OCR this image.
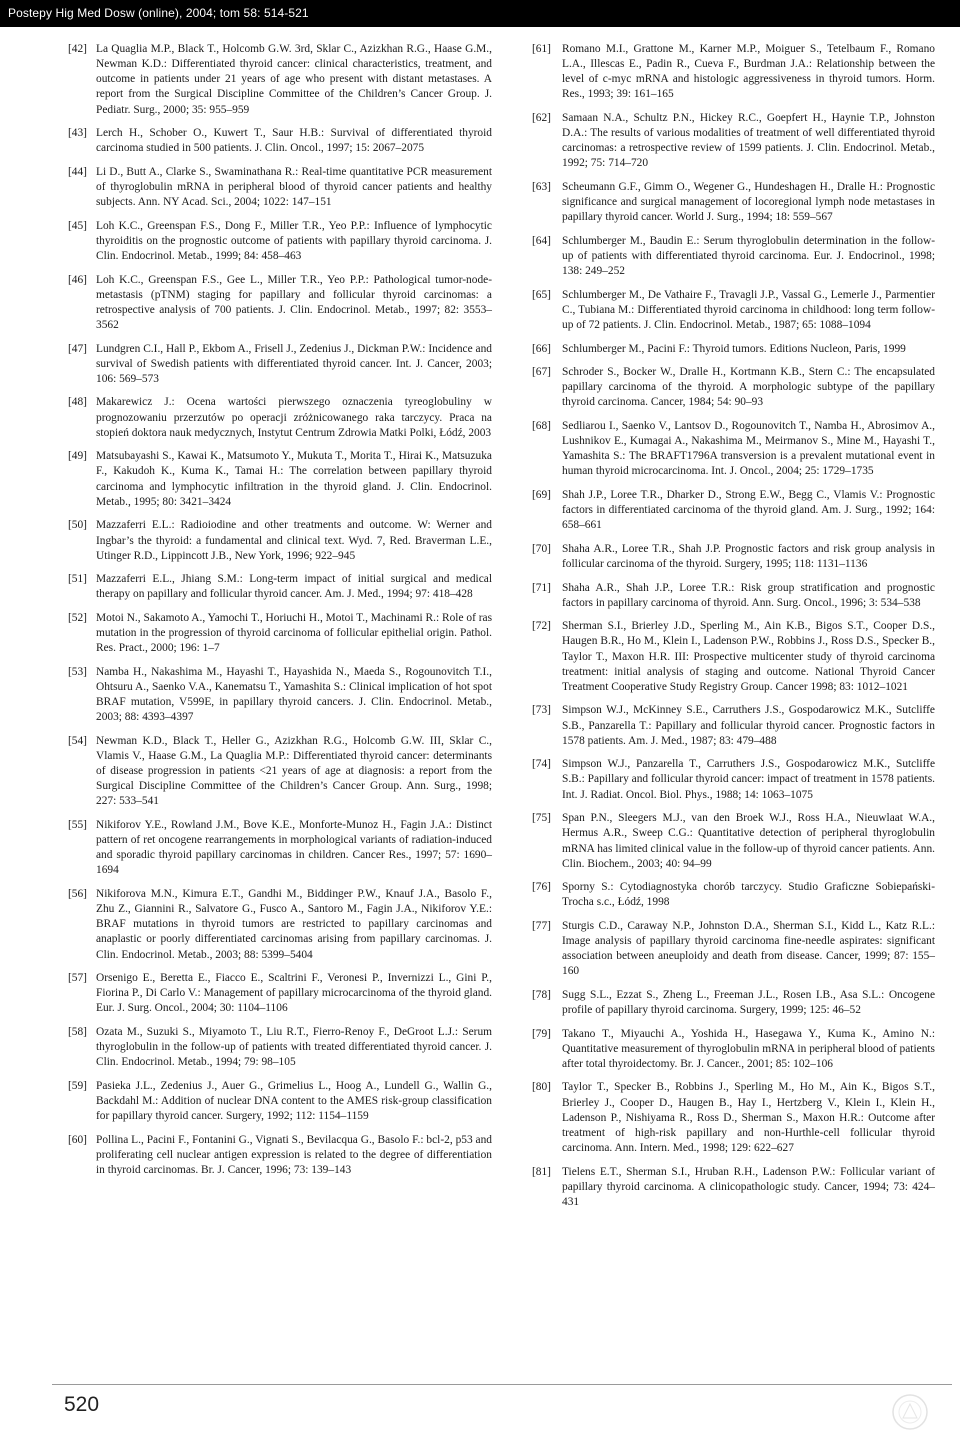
Postepy Hig Med Dosw (online), 2004; tom 58: 514-521
[42] La Quaglia M.P., Black T., Holcomb G.W. 3rd, Sklar C., Azizkhan R.G., Haase G.M., Newman K.D.: Differentiated thyroid cancer: clinical characteristics, treatment, and outcome in patients under 21 years of age who present with distant metastases. A report from the Surgical Discipline Committee of the Children’s Cancer Group. J. Pediatr. Surg., 2000; 35: 955–959
[43] Lerch H., Schober O., Kuwert T., Saur H.B.: Survival of differentiated thyroid carcinoma studied in 500 patients. J. Clin. Oncol., 1997; 15: 2067–2075
[44] Li D., Butt A., Clarke S., Swaminathana R.: Real-time quantitative PCR measurement of thyroglobulin mRNA in peripheral blood of thyroid cancer patients and healthy subjects. Ann. NY Acad. Sci., 2004; 1022: 147–151
[45] Loh K.C., Greenspan F.S., Dong F., Miller T.R., Yeo P.P.: Influence of lymphocytic thyroiditis on the prognostic outcome of patients with papillary thyroid carcinoma. J. Clin. Endocrinol. Metab., 1999; 84: 458–463
[46] Loh K.C., Greenspan F.S., Gee L., Miller T.R., Yeo P.P.: Pathological tumor-node-metastasis (pTNM) staging for papillary and follicular thyroid carcinomas: a retrospective analysis of 700 patients. J. Clin. Endocrinol. Metab., 1997; 82: 3553–3562
[47] Lundgren C.I., Hall P., Ekbom A., Frisell J., Zedenius J., Dickman P.W.: Incidence and survival of Swedish patients with differentiated thyroid cancer. Int. J. Cancer, 2003; 106: 569–573
[48] Makarewicz J.: Ocena wartości pierwszego oznaczenia tyreoglobuliny w prognozowaniu przerzutów po operacji zróżnicowanego raka tarczycy. Praca na stopień doktora nauk medycznych, Instytut Centrum Zdrowia Matki Polki, Łódź, 2003
[49] Matsubayashi S., Kawai K., Matsumoto Y., Mukuta T., Morita T., Hirai K., Matsuzuka F., Kakudoh K., Kuma K., Tamai H.: The correlation between papillary thyroid carcinoma and lymphocytic infiltration in the thyroid gland. J. Clin. Endocrinol. Metab., 1995; 80: 3421–3424
[50] Mazzaferri E.L.: Radioiodine and other treatments and outcome. W: Werner and Ingbar’s the thyroid: a fundamental and clinical text. Wyd. 7, Red. Braverman L.E., Utinger R.D., Lippincott J.B., New York, 1996; 922–945
[51] Mazzaferri E.L., Jhiang S.M.: Long-term impact of initial surgical and medical therapy on papillary and follicular thyroid cancer. Am. J. Med., 1994; 97: 418–428
[52] Motoi N., Sakamoto A., Yamochi T., Horiuchi H., Motoi T., Machinami R.: Role of ras mutation in the progression of thyroid carcinoma of follicular epithelial origin. Pathol. Res. Pract., 2000; 196: 1–7
[53] Namba H., Nakashima M., Hayashi T., Hayashida N., Maeda S., Rogounovitch T.I., Ohtsuru A., Saenko V.A., Kanematsu T., Yamashita S.: Clinical implication of hot spot BRAF mutation, V599E, in papillary thyroid cancers. J. Clin. Endocrinol. Metab., 2003; 88: 4393–4397
[54] Newman K.D., Black T., Heller G., Azizkhan R.G., Holcomb G.W. III, Sklar C., Vlamis V., Haase G.M., La Quaglia M.P.: Differentiated thyroid cancer: determinants of disease progression in patients <21 years of age at diagnosis: a report from the Surgical Discipline Committee of the Children’s Cancer Group. Ann. Surg., 1998; 227: 533–541
[55] Nikiforov Y.E., Rowland J.M., Bove K.E., Monforte-Munoz H., Fagin J.A.: Distinct pattern of ret oncogene rearrangements in morphological variants of radiation-induced and sporadic thyroid papillary carcinomas in children. Cancer Res., 1997; 57: 1690–1694
[56] Nikiforova M.N., Kimura E.T., Gandhi M., Biddinger P.W., Knauf J.A., Basolo F., Zhu Z., Giannini R., Salvatore G., Fusco A., Santoro M., Fagin J.A., Nikiforov Y.E.: BRAF mutations in thyroid tumors are restricted to papillary carcinomas and anaplastic or poorly differentiated carcinomas arising from papillary carcinomas. J. Clin. Endocrinol. Metab., 2003; 88: 5399–5404
[57] Orsenigo E., Beretta E., Fiacco E., Scaltrini F., Veronesi P., Invernizzi L., Gini P., Fiorina P., Di Carlo V.: Management of papillary microcarcinoma of the thyroid gland. Eur. J. Surg. Oncol., 2004; 30: 1104–1106
[58] Ozata M., Suzuki S., Miyamoto T., Liu R.T., Fierro-Renoy F., DeGroot L.J.: Serum thyroglobulin in the follow-up of patients with treated differentiated thyroid cancer. J. Clin. Endocrinol. Metab., 1994; 79: 98–105
[59] Pasieka J.L., Zedenius J., Auer G., Grimelius L., Hoog A., Lundell G., Wallin G., Backdahl M.: Addition of nuclear DNA content to the AMES risk-group classification for papillary thyroid cancer. Surgery, 1992; 112: 1154–1159
[60] Pollina L., Pacini F., Fontanini G., Vignati S., Bevilacqua G., Basolo F.: bcl-2, p53 and proliferating cell nuclear antigen expression is related to the degree of differentiation in thyroid carcinomas. Br. J. Cancer, 1996; 73: 139–143
[61] Romano M.I., Grattone M., Karner M.P., Moiguer S., Tetelbaum F., Romano L.A., Illescas E., Padin R., Cueva F., Burdman J.A.: Relationship between the level of c-myc mRNA and histologic aggressiveness in thyroid tumors. Horm. Res., 1993; 39: 161–165
[62] Samaan N.A., Schultz P.N., Hickey R.C., Goepfert H., Haynie T.P., Johnston D.A.: The results of various modalities of treatment of well differentiated thyroid carcinomas: a retrospective review of 1599 patients. J. Clin. Endocrinol. Metab., 1992; 75: 714–720
[63] Scheumann G.F., Gimm O., Wegener G., Hundeshagen H., Dralle H.: Prognostic significance and surgical management of locoregional lymph node metastases in papillary thyroid cancer. World J. Surg., 1994; 18: 559–567
[64] Schlumberger M., Baudin E.: Serum thyroglobulin determination in the follow-up of patients with differentiated thyroid carcinoma. Eur. J. Endocrinol., 1998; 138: 249–252
[65] Schlumberger M., De Vathaire F., Travagli J.P., Vassal G., Lemerle J., Parmentier C., Tubiana M.: Differentiated thyroid carcinoma in childhood: long term follow-up of 72 patients. J. Clin. Endocrinol. Metab., 1987; 65: 1088–1094
[66] Schlumberger M., Pacini F.: Thyroid tumors. Editions Nucleon, Paris, 1999
[67] Schroder S., Bocker W., Dralle H., Kortmann K.B., Stern C.: The encapsulated papillary carcinoma of the thyroid. A morphologic subtype of the papillary thyroid carcinoma. Cancer, 1984; 54: 90–93
[68] Sedliarou I., Saenko V., Lantsov D., Rogounovitch T., Namba H., Abrosimov A., Lushnikov E., Kumagai A., Nakashima M., Meirmanov S., Mine M., Hayashi T., Yamashita S.: The BRAFT1796A transversion is a prevalent mutational event in human thyroid microcarcinoma. Int. J. Oncol., 2004; 25: 1729–1735
[69] Shah J.P., Loree T.R., Dharker D., Strong E.W., Begg C., Vlamis V.: Prognostic factors in differentiated carcinoma of the thyroid gland. Am. J. Surg., 1992; 164: 658–661
[70] Shaha A.R., Loree T.R., Shah J.P. Prognostic factors and risk group analysis in follicular carcinoma of the thyroid. Surgery, 1995; 118: 1131–1136
[71] Shaha A.R., Shah J.P., Loree T.R.: Risk group stratification and prognostic factors in papillary carcinoma of thyroid. Ann. Surg. Oncol., 1996; 3: 534–538
[72] Sherman S.I., Brierley J.D., Sperling M., Ain K.B., Bigos S.T., Cooper D.S., Haugen B.R., Ho M., Klein I., Ladenson P.W., Robbins J., Ross D.S., Specker B., Taylor T., Maxon H.R. III: Prospective multicenter study of thyroid carcinoma treatment: initial analysis of staging and outcome. National Thyroid Cancer Treatment Cooperative Study Registry Group. Cancer 1998; 83: 1012–1021
[73] Simpson W.J., McKinney S.E., Carruthers J.S., Gospodarowicz M.K., Sutcliffe S.B., Panzarella T.: Papillary and follicular thyroid cancer. Prognostic factors in 1578 patients. Am. J. Med., 1987; 83: 479–488
[74] Simpson W.J., Panzarella T., Carruthers J.S., Gospodarowicz M.K., Sutcliffe S.B.: Papillary and follicular thyroid cancer: impact of treatment in 1578 patients. Int. J. Radiat. Oncol. Biol. Phys., 1988; 14: 1063–1075
[75] Span P.N., Sleegers M.J., van den Broek W.J., Ross H.A., Nieuwlaat W.A., Hermus A.R., Sweep C.G.: Quantitative detection of peripheral thyroglobulin mRNA has limited clinical value in the follow-up of thyroid cancer patients. Ann. Clin. Biochem., 2003; 40: 94–99
[76] Sporny S.: Cytodiagnostyka chorób tarczycy. Studio Graficzne Sobiepański-Trocha s.c., Łódź, 1998
[77] Sturgis C.D., Caraway N.P., Johnston D.A., Sherman S.I., Kidd L., Katz R.L.: Image analysis of papillary thyroid carcinoma fine-needle aspirates: significant association between aneuploidy and death from disease. Cancer, 1999; 87: 155–160
[78] Sugg S.L., Ezzat S., Zheng L., Freeman J.L., Rosen I.B., Asa S.L.: Oncogene profile of papillary thyroid carcinoma. Surgery, 1999; 125: 46–52
[79] Takano T., Miyauchi A., Yoshida H., Hasegawa Y., Kuma K., Amino N.: Quantitative measurement of thyroglobulin mRNA in peripheral blood of patients after total thyroidectomy. Br. J. Cancer., 2001; 85: 102–106
[80] Taylor T., Specker B., Robbins J., Sperling M., Ho M., Ain K., Bigos S.T., Brierley J., Cooper D., Haugen B., Hay I., Hertzberg V., Klein I., Klein H., Ladenson P., Nishiyama R., Ross D., Sherman S., Maxon H.R.: Outcome after treatment of high-risk papillary and non-Hurthle-cell follicular thyroid carcinoma. Ann. Intern. Med., 1998; 129: 622–627
[81] Tielens E.T., Sherman S.I., Hruban R.H., Ladenson P.W.: Follicular variant of papillary thyroid carcinoma. A clinicopathologic study. Cancer, 1994; 73: 424–431
520
